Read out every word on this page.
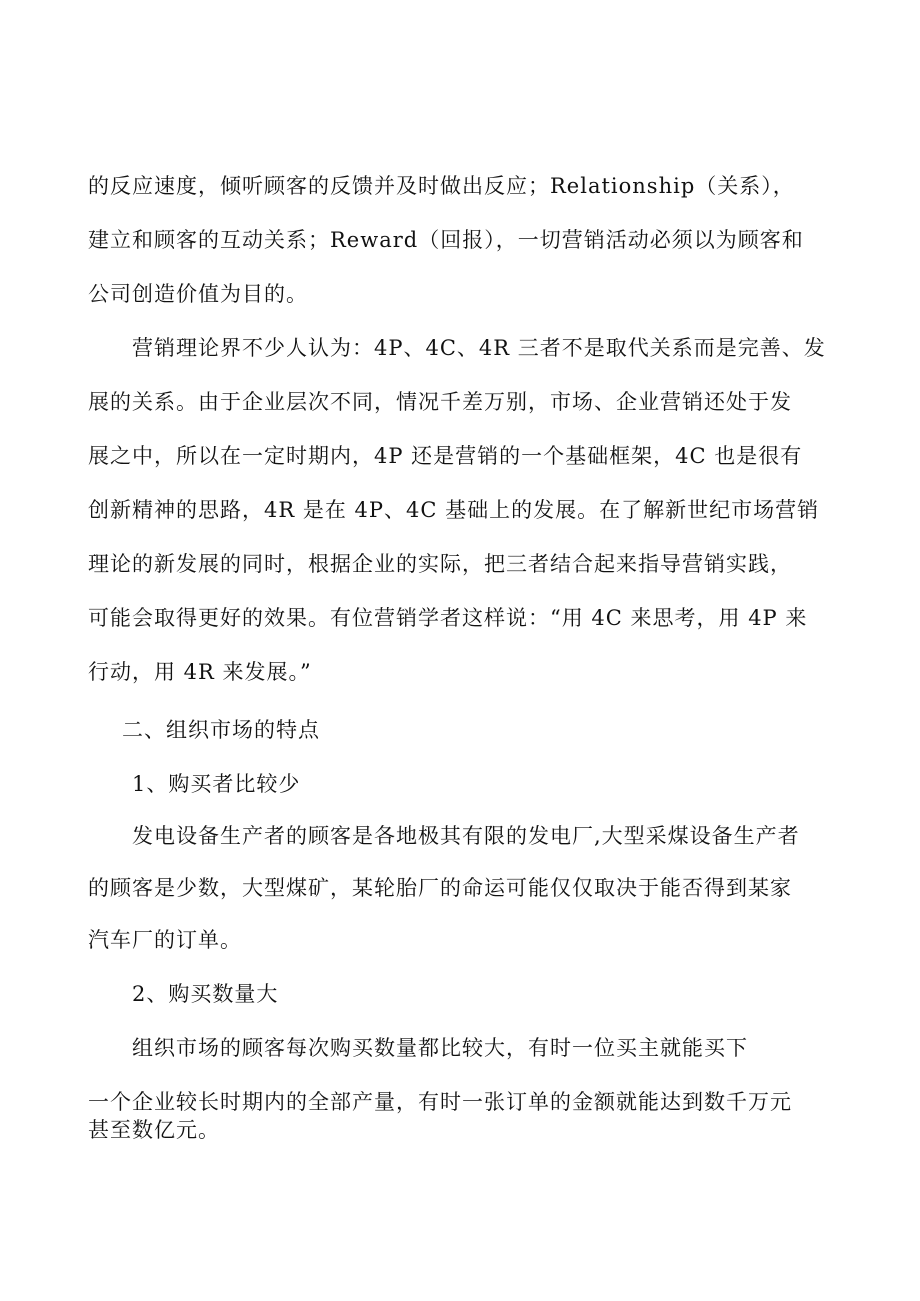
的反应速度，倾听顾客的反馈并及时做出反应；Relationship（关系），
建立和顾客的互动关系；Reward（回报），一切营销活动必须以为顾客和
公司创造价值为目的。
营销理论界不少人认为：4P、4C、4R 三者不是取代关系而是完善、发
展的关系。由于企业层次不同，情况千差万别，市场、企业营销还处于发
展之中，所以在一定时期内，4P 还是营销的一个基础框架，4C 也是很有
创新精神的思路，4R 是在 4P、4C 基础上的发展。在了解新世纪市场营销
理论的新发展的同时，根据企业的实际，把三者结合起来指导营销实践，
可能会取得更好的效果。有位营销学者这样说：“用 4C 来思考，用 4P 来
行动，用 4R 来发展。”
二、组织市场的特点
1、购买者比较少
发电设备生产者的顾客是各地极其有限的发电厂,大型采煤设备生产者
的顾客是少数，大型煤矿，某轮胎厂的命运可能仅仅取决于能否得到某家
汽车厂的订单。
2、购买数量大
组织市场的顾客每次购买数量都比较大，有时一位买主就能买下
一个企业较长时期内的全部产量，有时一张订单的金额就能达到数千万元
甚至数亿元。
